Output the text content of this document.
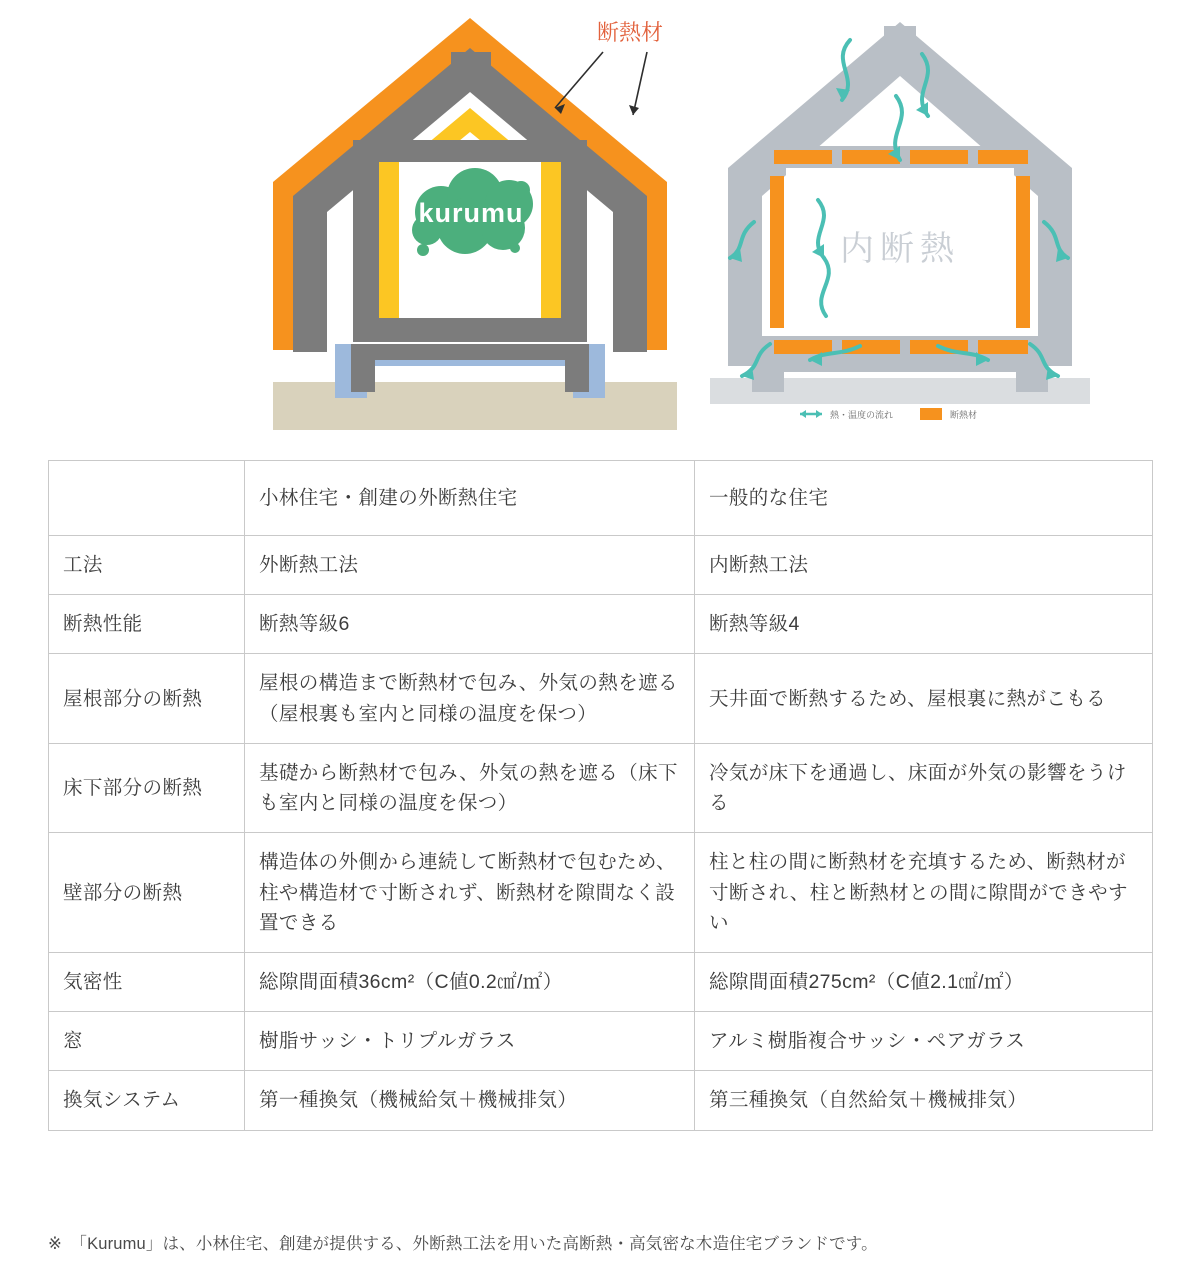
kurumu
断熱材
内断熱
熱・温度の流れ	断熱材
	小林住宅・創建の外断熱住宅	一般的な住宅
工法	外断熱工法	内断熱工法
断熱性能	断熱等級6	断熱等級4
屋根部分の断熱	屋根の構造まで断熱材で包み、外気の熱を遮る（屋根裏も室内と同様の温度を保つ）	天井面で断熱するため、屋根裏に熱がこもる
床下部分の断熱	基礎から断熱材で包み、外気の熱を遮る（床下も室内と同様の温度を保つ）	冷気が床下を通過し、床面が外気の影響をうける
壁部分の断熱	構造体の外側から連続して断熱材で包むため、柱や構造材で寸断されず、断熱材を隙間なく設置できる	柱と柱の間に断熱材を充填するため、断熱材が寸断され、柱と断熱材との間に隙間ができやすい
気密性	総隙間面積36cm²（C値0.2㎠/㎡）	総隙間面積275cm²（C値2.1㎠/㎡）
窓	樹脂サッシ・トリプルガラス	アルミ樹脂複合サッシ・ペアガラス
換気システム	第一種換気（機械給気＋機械排気）	第三種換気（自然給気＋機械排気）
※　「Kurumu」は、小林住宅、創建が提供する、外断熱工法を用いた高断熱・高気密な木造住宅ブランドです。
